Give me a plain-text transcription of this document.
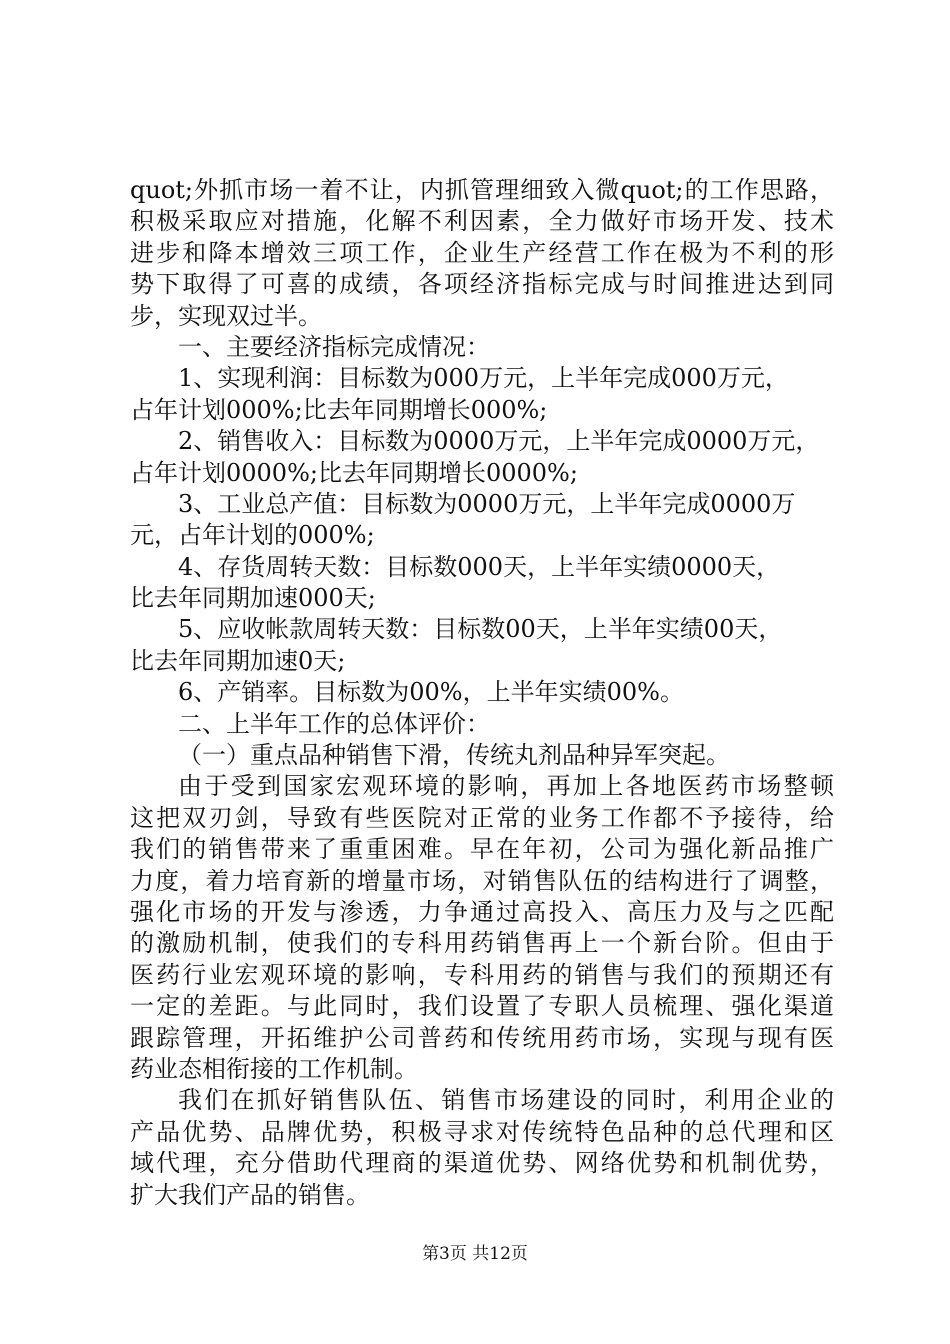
quot;外抓市场一着不让，内抓管理细致入微quot;的工作思路，
积极采取应对措施，化解不利因素，全力做好市场开发、技术
进步和降本增效三项工作，企业生产经营工作在极为不利的形
势下取得了可喜的成绩，各项经济指标完成与时间推进达到同
步，实现双过半。
一、主要经济指标完成情况：
1、实现利润：目标数为000万元，上半年完成000万元，
占年计划000%;比去年同期增长000%;
2、销售收入：目标数为0000万元，上半年完成0000万元，
占年计划0000%;比去年同期增长0000%;
3、工业总产值：目标数为0000万元，上半年完成0000万
元，占年计划的000%;
4、存货周转天数：目标数000天，上半年实绩0000天，
比去年同期加速000天;
5、应收帐款周转天数：目标数00天，上半年实绩00天，
比去年同期加速0天;
6、产销率。目标数为00%，上半年实绩00%。
二、上半年工作的总体评价：
（一）重点品种销售下滑，传统丸剂品种异军突起。
由于受到国家宏观环境的影响，再加上各地医药市场整顿
这把双刃剑，导致有些医院对正常的业务工作都不予接待，给
我们的销售带来了重重困难。早在年初，公司为强化新品推广
力度，着力培育新的增量市场，对销售队伍的结构进行了调整，
强化市场的开发与渗透，力争通过高投入、高压力及与之匹配
的激励机制，使我们的专科用药销售再上一个新台阶。但由于
医药行业宏观环境的影响，专科用药的销售与我们的预期还有
一定的差距。与此同时，我们设置了专职人员梳理、强化渠道
跟踪管理，开拓维护公司普药和传统用药市场，实现与现有医
药业态相衔接的工作机制。
我们在抓好销售队伍、销售市场建设的同时，利用企业的
产品优势、品牌优势，积极寻求对传统特色品种的总代理和区
域代理，充分借助代理商的渠道优势、网络优势和机制优势，
扩大我们产品的销售。
第3页 共12页
